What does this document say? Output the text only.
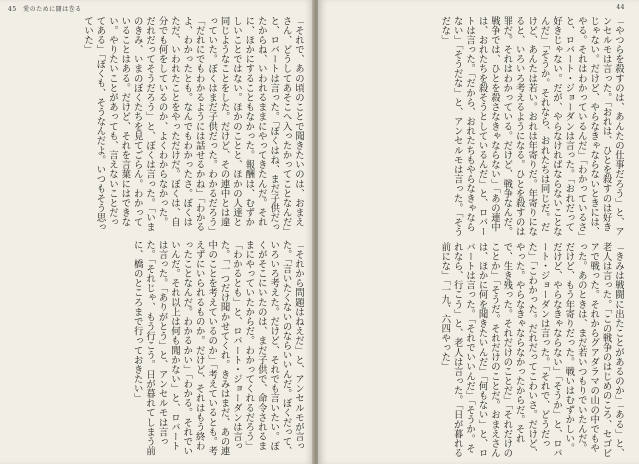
45　愛のために闘は巻る
「それで、あの頃のことで聞きたいのは、おまえさん、どうしてあそこへ入ったかってことなんだ」と、ロバートは言った。「ぼくはね、まだ子供だったからね、いわれるままにやってきたんだ。それに、ほかにすることもなかった。報酬は、むずかしいことではない。ほかのことと、ほかの人達と同じようなことをした。だけど、その連中とは違っていた。ぼくはまだ子供だった。わかるだろう」「だれにでもわかるようには話せるかね」「わかるよ、わかったとも。なんでもわかったさ。ぼくはただ、いわれたことをやっただけだ。ぼくは、自分でも何をしているのか、よくわからなかった。だれだってそうだろう」と、ぼくは言った。「いまのきみ、いまのぼくたちを見てごらん。わかっていることはある。だけど、それを言葉にはできない。やりたいことがあっても、言えないことだってある」「ぼくも、そうなんだよ。いつもそう思っていた」
「それから問題はねえだ」と、アンセルモが言った。「言いたくないのならいいんだ。ぼくだって、いろいろ考えた。だけど、それでも言いたい。ぼくがそこにいたのは、まだ子供で、命令されるままにやっていたからだ。わかってくれるだろう」「わかるとも」と、ロバート・ジョーダンは言った。「一つだけ聞かせてくれ。きみはまだ、あの連中のことを考えているのか」「考えているとも。考えずにいられるものか。だけど、それはもう終わったことなんだ。わかるかい」「わかる。それでいいんだ。それ以上は何も聞かない」と、ロバートは言った。「ありがとう」と、アンセルモは言った。「それじゃ、もう行こう。日が暮れてしまう前に、橋のところまで行っておきたい」
44
「やつらを殺すのは、あんたの仕事だろう」と、アンセルモは言った。「おれは、ひとを殺すのは好きじゃない。だけど、やらなきゃならないときには、やる。それはわかっているんだ」「わかっているさ」と、ロバート・ジョーダンは言った。「おれだって好きじゃない。だが、やらなければならないことなんだ」「そうか。それなら、おれたちは同じだ。だけど、あんたは若い。おれは年寄りだ。年寄りになると、いろいろ考えるようになる。ひとを殺すのは罪だ。それはわかっている。だけど、戦争なんだ。戦争では、ひとを殺さなきゃならない」「あの連中は、おれたちを殺そうとしているんだ」と、ロバートは言った。「だから、おれたちもやらなきゃならない」「そうだな」と、アンセルモは言った。「そうだな」
「きみは戦闘に出たことがあるのか」「ある」と、老人は言った。「この戦争のはじめのころ、セゴビアで戦った。それからグアダラマの山の中でもやった。あのときは、まだ若いつもりでいたんだ。だけど、もう年寄りだった。戦いはむずかしい。だけど、やらなきゃならない」「そうか」と、ロバート・ジョーダンは言った。「それで、どうだった」「こわかった。だれだってこわいさ。だけど、やった。やらなきゃならなかったからだ。それで、生き残った。それだけのことだ」「それだけのことか」「そうだ。それだけのことだ。おまえさんは、ほかに何を聞きたいんだ」「何もない」と、ロバートは言った。「それでいいんだ」「そうか。それなら、行こう」と、老人は言った。「日が暮れる前にな」「一九、六四やった」
